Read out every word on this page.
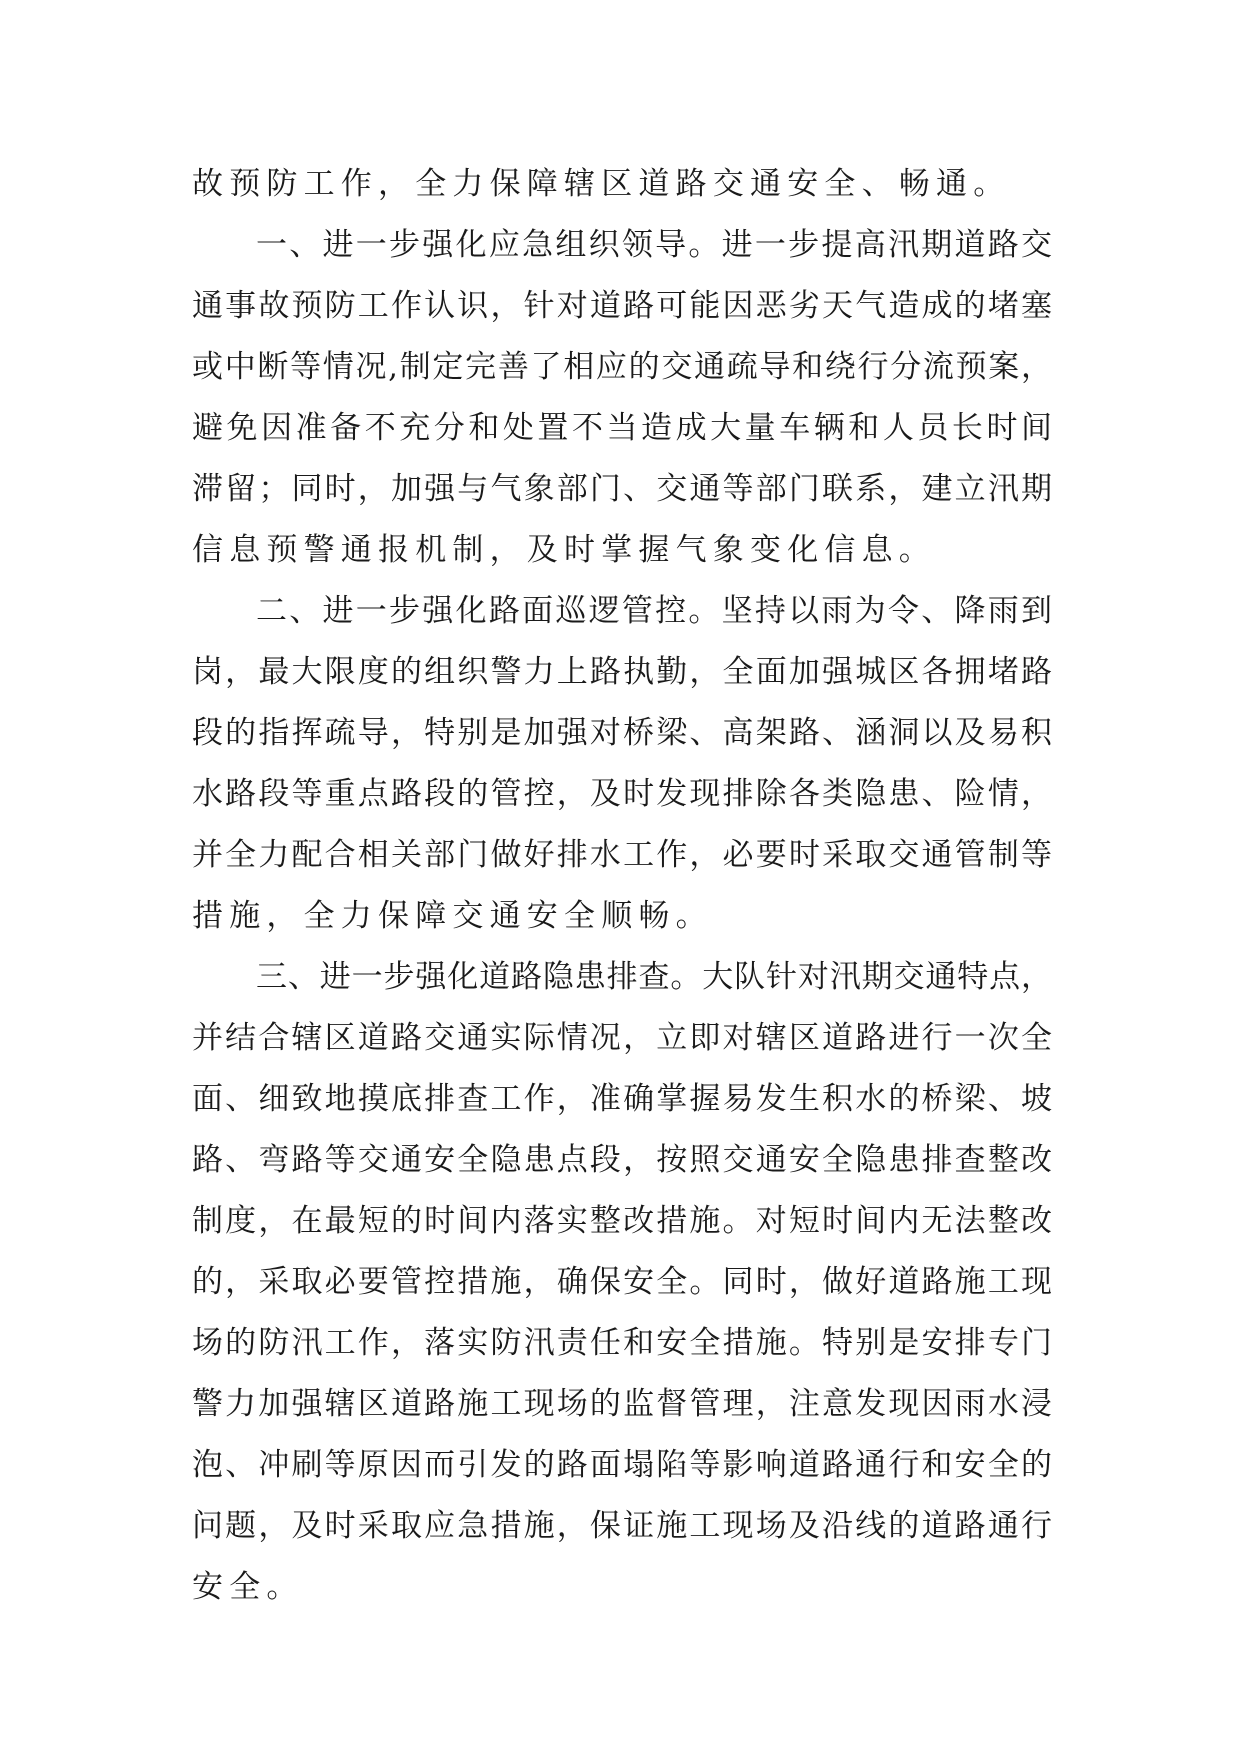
故预防工作，全力保障辖区道路交通安全、畅通。
一、进一步强化应急组织领导。进一步提高汛期道路交
通事故预防工作认识，针对道路可能因恶劣天气造成的堵塞
或中断等情况,制定完善了相应的交通疏导和绕行分流预案，
避免因准备不充分和处置不当造成大量车辆和人员长时间
滞留；同时，加强与气象部门、交通等部门联系，建立汛期
信息预警通报机制，及时掌握气象变化信息。
二、进一步强化路面巡逻管控。坚持以雨为令、降雨到
岗，最大限度的组织警力上路执勤，全面加强城区各拥堵路
段的指挥疏导，特别是加强对桥梁、高架路、涵洞以及易积
水路段等重点路段的管控，及时发现排除各类隐患、险情，
并全力配合相关部门做好排水工作，必要时采取交通管制等
措施，全力保障交通安全顺畅。
三、进一步强化道路隐患排查。大队针对汛期交通特点，
并结合辖区道路交通实际情况，立即对辖区道路进行一次全
面、细致地摸底排查工作，准确掌握易发生积水的桥梁、坡
路、弯路等交通安全隐患点段，按照交通安全隐患排查整改
制度，在最短的时间内落实整改措施。对短时间内无法整改
的，采取必要管控措施，确保安全。同时，做好道路施工现
场的防汛工作，落实防汛责任和安全措施。特别是安排专门
警力加强辖区道路施工现场的监督管理，注意发现因雨水浸
泡、冲刷等原因而引发的路面塌陷等影响道路通行和安全的
问题，及时采取应急措施，保证施工现场及沿线的道路通行
安全。
